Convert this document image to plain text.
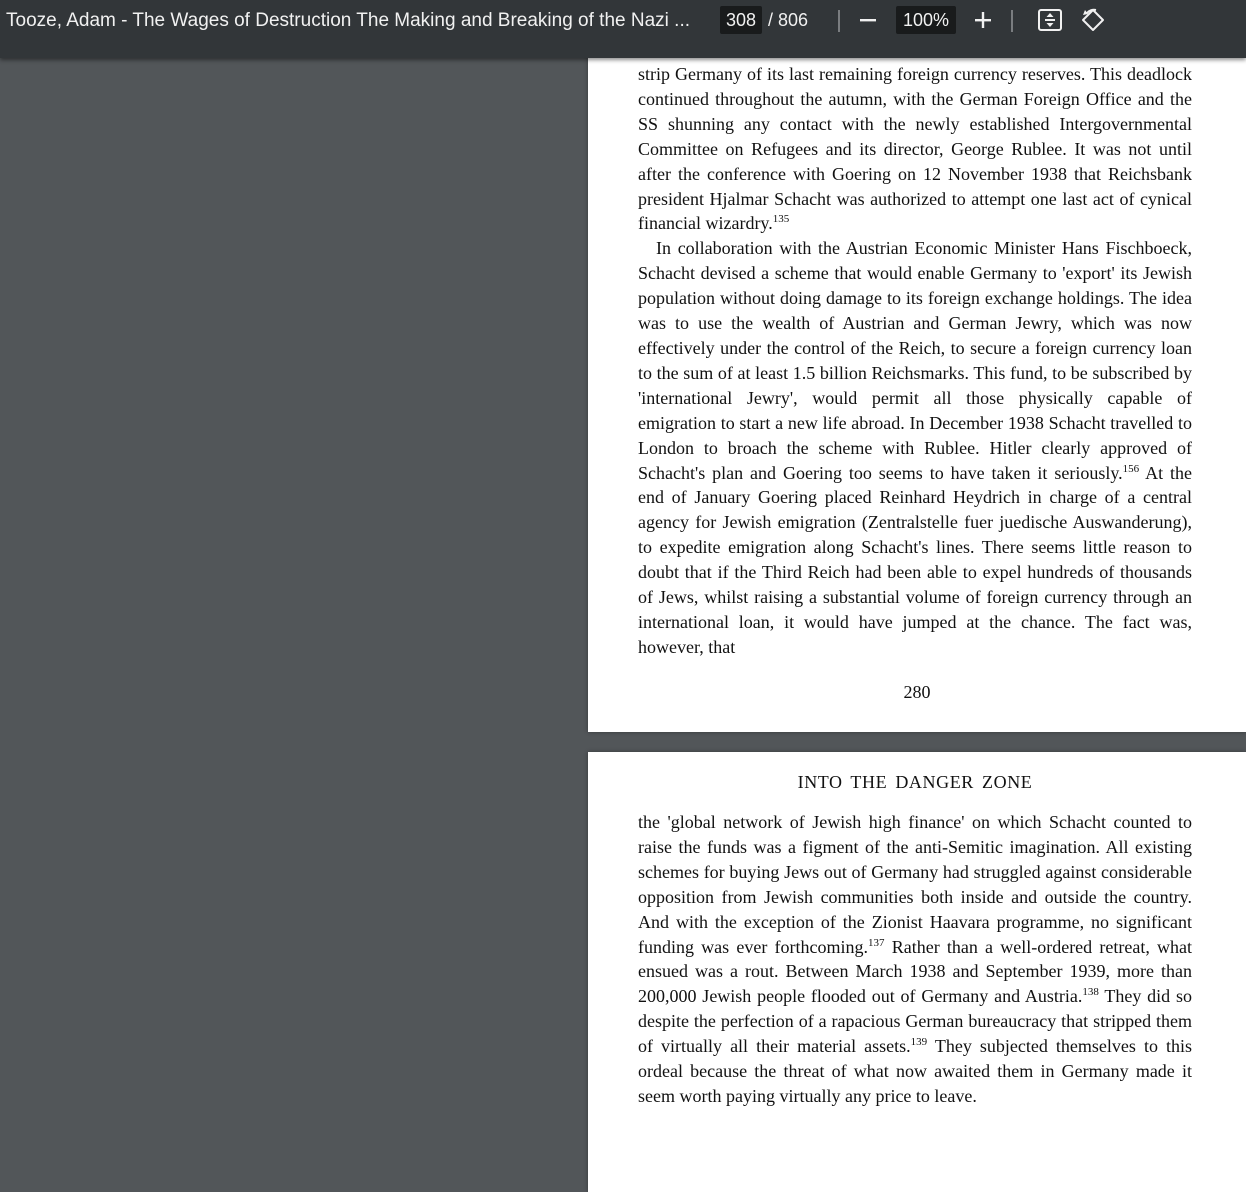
strip Germany of its last remaining foreign currency reserves. This deadlock continued throughout the autumn, with the German Foreign Office and the SS shunning any contact with the newly established Intergovernmental Committee on Refugees and its director, George Rublee. It was not until after the conference with Goering on 12 November 1938 that Reichsbank president Hjalmar Schacht was authorized to attempt one last act of cynical financial wizardry.$^{135}$

In collaboration with the Austrian Economic Minister Hans Fischboeck, Schacht devised a scheme that would enable Germany to 'export' its Jewish population without doing damage to its foreign exchange holdings. The idea was to use the wealth of Austrian and German Jewry, which was now effectively under the control of the Reich, to secure a foreign currency loan to the sum of at least 1.5 billion Reichsmarks. This fund, to be subscribed by 'international Jewry', would permit all those physically capable of emigration to start a new life abroad. In December 1938 Schacht travelled to London to broach the scheme with Rublee. Hitler clearly approved of Schacht's plan and Goering too seems to have taken it seriously.$^{156}$ At the end of January Goering placed Reinhard Heydrich in charge of a central agency for Jewish emigration (Zentralstelle fuer juedische Auswanderung), to expedite emigration along Schacht's lines. There seems little reason to doubt that if the Third Reich had been able to expel hundreds of thousands of Jews, whilst raising a substantial volume of foreign currency through an international loan, it would have jumped at the chance. The fact was, however, that

280
INTO THE DANGER ZONE

the 'global network of Jewish high finance' on which Schacht counted to raise the funds was a figment of the anti-Semitic imagination. All existing schemes for buying Jews out of Germany had struggled against considerable opposition from Jewish communities both inside and outside the country. And with the exception of the Zionist Haavara programme, no significant funding was ever forthcoming.$^{137}$ Rather than a well-ordered retreat, what ensued was a rout. Between March 1938 and September 1939, more than 200,000 Jewish people flooded out of Germany and Austria.$^{138}$ They did so despite the perfection of a rapacious German bureaucracy that stripped them of virtually all their material assets.$^{139}$ They subjected themselves to this ordeal because the threat of what now awaited them in Germany made it seem worth paying virtually any price to leave.

Tooze, Adam - The Wages of Destruction The Making and Breaking of the Nazi ...	308 / 806	100%
